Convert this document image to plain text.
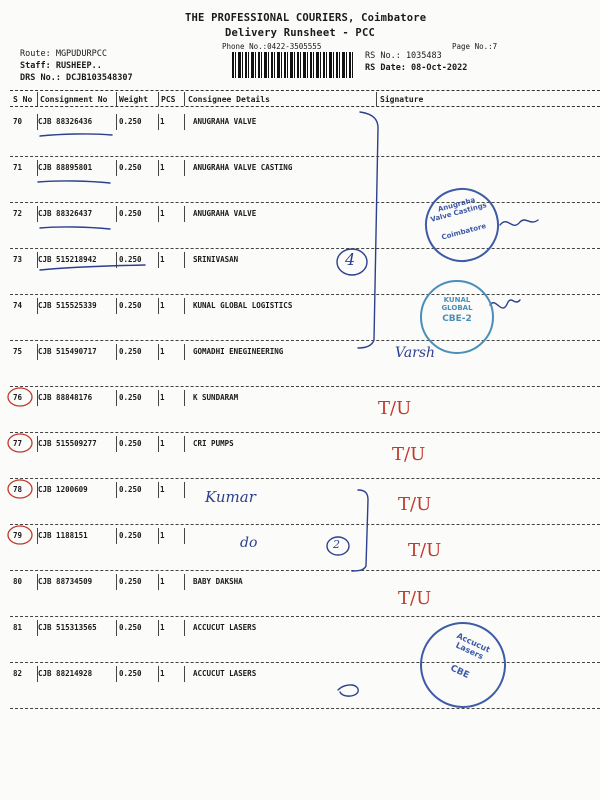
THE PROFESSIONAL COURIERS, Coimbatore
Delivery Runsheet - PCC
Phone No.:0422-3505555	Page No.:7
Route: MGPUDURPCC
Staff: RUSHEEP..
DRS No.: DCJB103548307
RS No.: 1035483
RS Date: 08-Oct-2022
S No Consignment No Weight PCS Consignee Details	Signature
70 CJB 88326436	0.250 1	ANUGRAHA VALVE
71 CJB 88895801	0.250 1	ANUGRAHA VALVE CASTING
72 CJB 88326437	0.250 1	ANUGRAHA VALVE
73 CJB 515218942	0.250 1	SRINIVASAN
74 CJB 515525339	0.250 1	KUNAL GLOBAL LOGISTICS
75 CJB 515490717	0.250 1	GOMADHI ENEGINEERING
76 CJB 88848176	0.250 1	K SUNDARAM
77 CJB 515509277	0.250 1	CRI PUMPS
78 CJB 1200609	0.250 1
79 CJB 1188151	0.250 1
80 CJB 88734509	0.250 1	BABY DAKSHA
81 CJB 515313565	0.250 1	ACCUCUT LASERS
82 CJB 88214928	0.250 1	ACCUCUT LASERS
4
2
Kumar
do
Varsh
T/U
T/U
T/U
T/U
T/U
Anugraha Valve Castings
Coimbatore
KUNAL GLOBAL
CBE-2
Accucut Lasers
CBE
